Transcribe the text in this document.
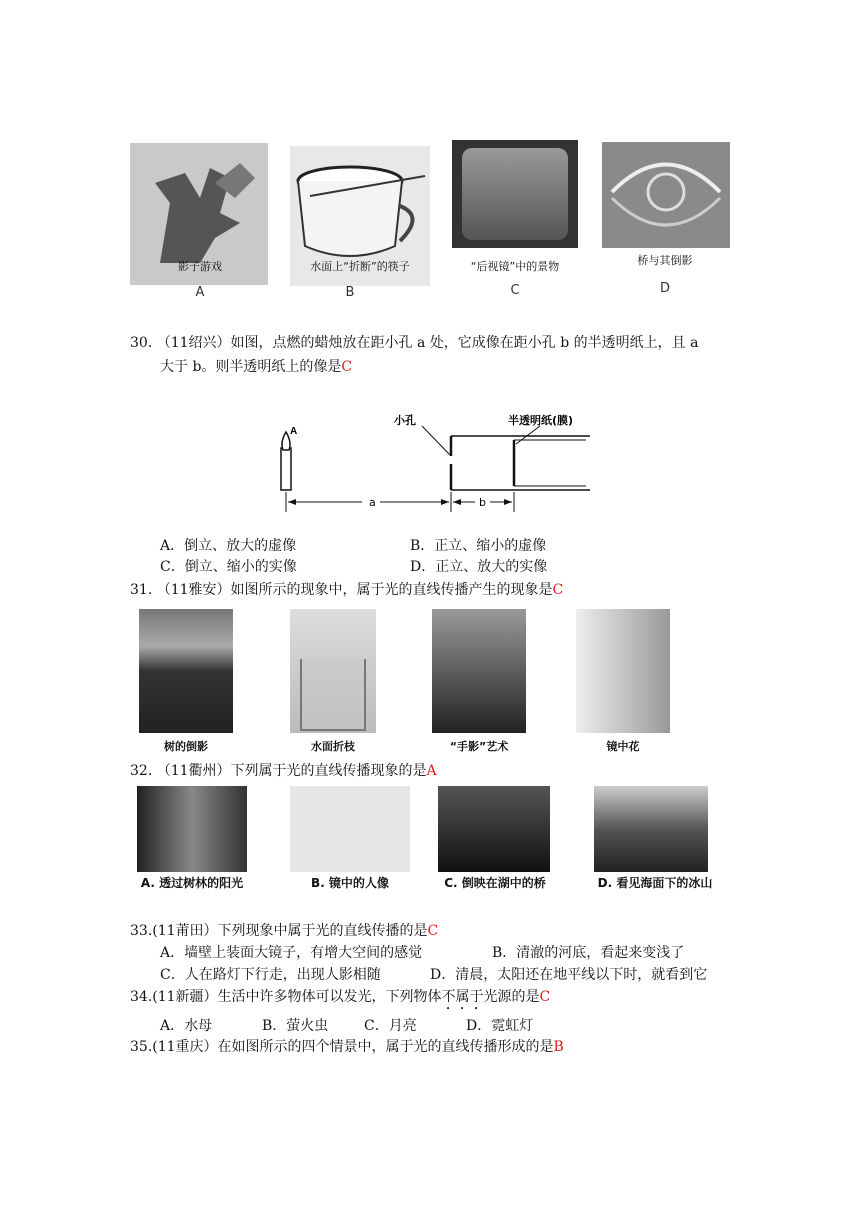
影子游戏
A
水面上“折断”的筷子
B
“后视镜”中的景物
C
桥与其倒影
D
30. （11绍兴）如图，点燃的蜡烛放在距小孔 a 处，它成像在距小孔 b 的半透明纸上，且 a
大于 b。则半透明纸上的像是C
A
小孔	半透明纸(膜)
a	b
A．倒立、放大的虚像	B．正立、缩小的虚像
C．倒立、缩小的实像	D．正立、放大的实像
31. （11雅安）如图所示的现象中，属于光的直线传播产生的现象是C
树的倒影	水面折枝	“手影”艺术	镜中花
32. （11衢州）下列属于光的直线传播现象的是A
A. 透过树林的阳光	B. 镜中的人像	C. 倒映在湖中的桥	D. 看见海面下的冰山
33.(11莆田）下列现象中属于光的直线传播的是C
A．墙壁上装面大镜子，有增大空间的感觉	B．清澈的河底，看起来变浅了
C．人在路灯下行走，出现人影相随	D．清晨，太阳还在地平线以下时，就看到它
34.(11新疆）生活中许多物体可以发光，下列物体不属于光源的是C
A．水母	B．萤火虫	C．月亮	D．霓虹灯
35.(11重庆）在如图所示的四个情景中，属于光的直线传播形成的是B
